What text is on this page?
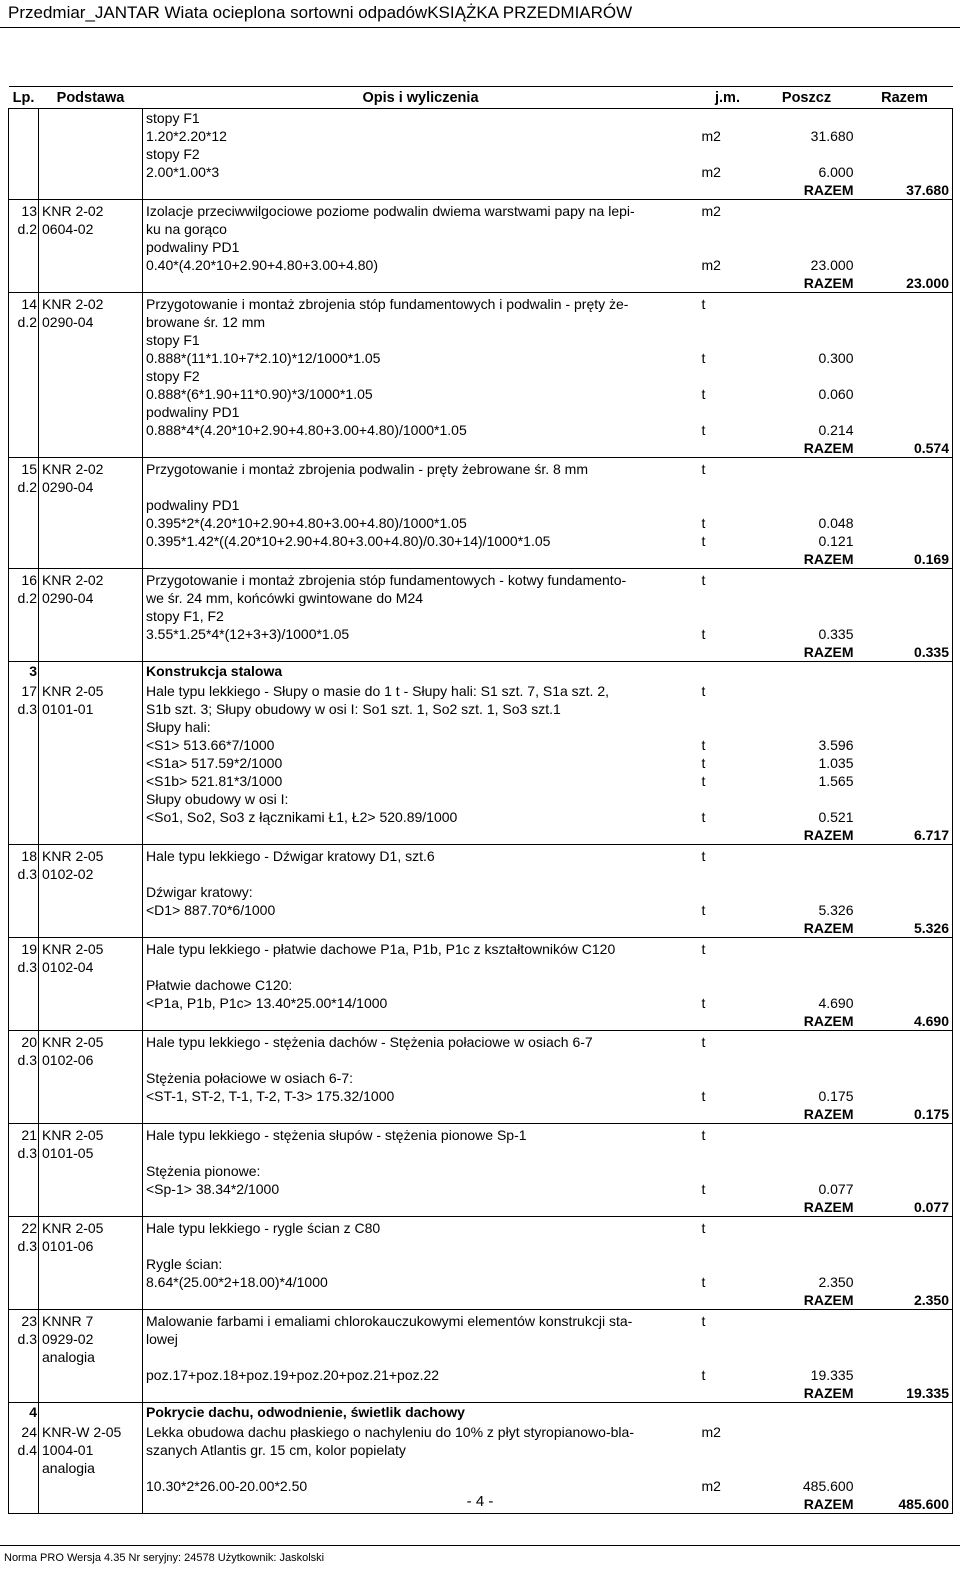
Przedmiar_JANTAR Wiata ocieplona sortowni odpadówKSIĄŻKA PRZEDMIARÓW
Lp.	Podstawa	Opis i wyliczenia	j.m.	Poszcz	Razem
		stopy F1			
		1.20*2.20*12	m2	31.680	
		stopy F2			
		2.00*1.00*3	m2	6.000	
				RAZEM	37.680
13	KNR 2-02	Izolacje przeciwwilgociowe poziome podwalin dwiema warstwami papy na lepi-	m2		
d.2	0604-02	ku na gorąco			
		podwaliny PD1			
		0.40*(4.20*10+2.90+4.80+3.00+4.80)	m2	23.000	
				RAZEM	23.000
14	KNR 2-02	Przygotowanie i montaż zbrojenia stóp fundamentowych i podwalin - pręty że-	t		
d.2	0290-04	browane śr. 12 mm			
		stopy F1			
		0.888*(11*1.10+7*2.10)*12/1000*1.05	t	0.300	
		stopy F2			
		0.888*(6*1.90+11*0.90)*3/1000*1.05	t	0.060	
		podwaliny PD1			
		0.888*4*(4.20*10+2.90+4.80+3.00+4.80)/1000*1.05	t	0.214	
				RAZEM	0.574
15	KNR 2-02	Przygotowanie i montaż zbrojenia podwalin - pręty żebrowane śr. 8 mm	t		
d.2	0290-04				
		podwaliny PD1			
		0.395*2*(4.20*10+2.90+4.80+3.00+4.80)/1000*1.05	t	0.048	
		0.395*1.42*((4.20*10+2.90+4.80+3.00+4.80)/0.30+14)/1000*1.05	t	0.121	
				RAZEM	0.169
16	KNR 2-02	Przygotowanie i montaż zbrojenia stóp fundamentowych - kotwy fundamento-	t		
d.2	0290-04	we śr. 24 mm, końcówki gwintowane do M24			
		stopy F1, F2			
		3.55*1.25*4*(12+3+3)/1000*1.05	t	0.335	
				RAZEM	0.335
3		Konstrukcja stalowa			
17	KNR 2-05	Hale typu lekkiego - Słupy o masie do 1 t - Słupy hali: S1 szt. 7, S1a szt. 2,	t		
d.3	0101-01	S1b szt. 3; Słupy obudowy w osi I: So1 szt. 1, So2 szt. 1, So3 szt.1			
		Słupy hali:			
		<S1> 513.66*7/1000	t	3.596	
		<S1a> 517.59*2/1000	t	1.035	
		<S1b> 521.81*3/1000	t	1.565	
		Słupy obudowy w osi I:			
		<So1, So2, So3 z łącznikami Ł1, Ł2> 520.89/1000	t	0.521	
				RAZEM	6.717
18	KNR 2-05	Hale typu lekkiego - Dźwigar kratowy D1, szt.6	t		
d.3	0102-02				
		Dźwigar kratowy:			
		<D1> 887.70*6/1000	t	5.326	
				RAZEM	5.326
19	KNR 2-05	Hale typu lekkiego - płatwie dachowe P1a, P1b, P1c z kształtowników C120	t		
d.3	0102-04				
		Płatwie dachowe C120:			
		<P1a, P1b, P1c> 13.40*25.00*14/1000	t	4.690	
				RAZEM	4.690
20	KNR 2-05	Hale typu lekkiego - stężenia dachów - Stężenia połaciowe w osiach 6-7	t		
d.3	0102-06				
		Stężenia połaciowe w osiach 6-7:			
		<ST-1, ST-2, T-1, T-2, T-3> 175.32/1000	t	0.175	
				RAZEM	0.175
21	KNR 2-05	Hale typu lekkiego - stężenia słupów - stężenia pionowe Sp-1	t		
d.3	0101-05				
		Stężenia pionowe:			
		<Sp-1> 38.34*2/1000	t	0.077	
				RAZEM	0.077
22	KNR 2-05	Hale typu lekkiego - rygle ścian z C80	t		
d.3	0101-06				
		Rygle ścian:			
		8.64*(25.00*2+18.00)*4/1000	t	2.350	
				RAZEM	2.350
23	KNNR 7	Malowanie farbami i emaliami chlorokauczukowymi elementów konstrukcji sta-	t		
d.3	0929-02	lowej			
	analogia				
		poz.17+poz.18+poz.19+poz.20+poz.21+poz.22	t	19.335	
				RAZEM	19.335
4		Pokrycie dachu, odwodnienie, świetlik dachowy			
24	KNR-W 2-05	Lekka obudowa dachu płaskiego o nachyleniu do 10% z płyt styropianowo-bla-	m2		
d.4	1004-01	szanych Atlantis gr. 15 cm, kolor popielaty			
	analogia				
		10.30*2*26.00-20.00*2.50	m2	485.600	
				RAZEM	485.600
- 4 -
Norma PRO Wersja 4.35 Nr seryjny: 24578 Użytkownik: Jaskolski
